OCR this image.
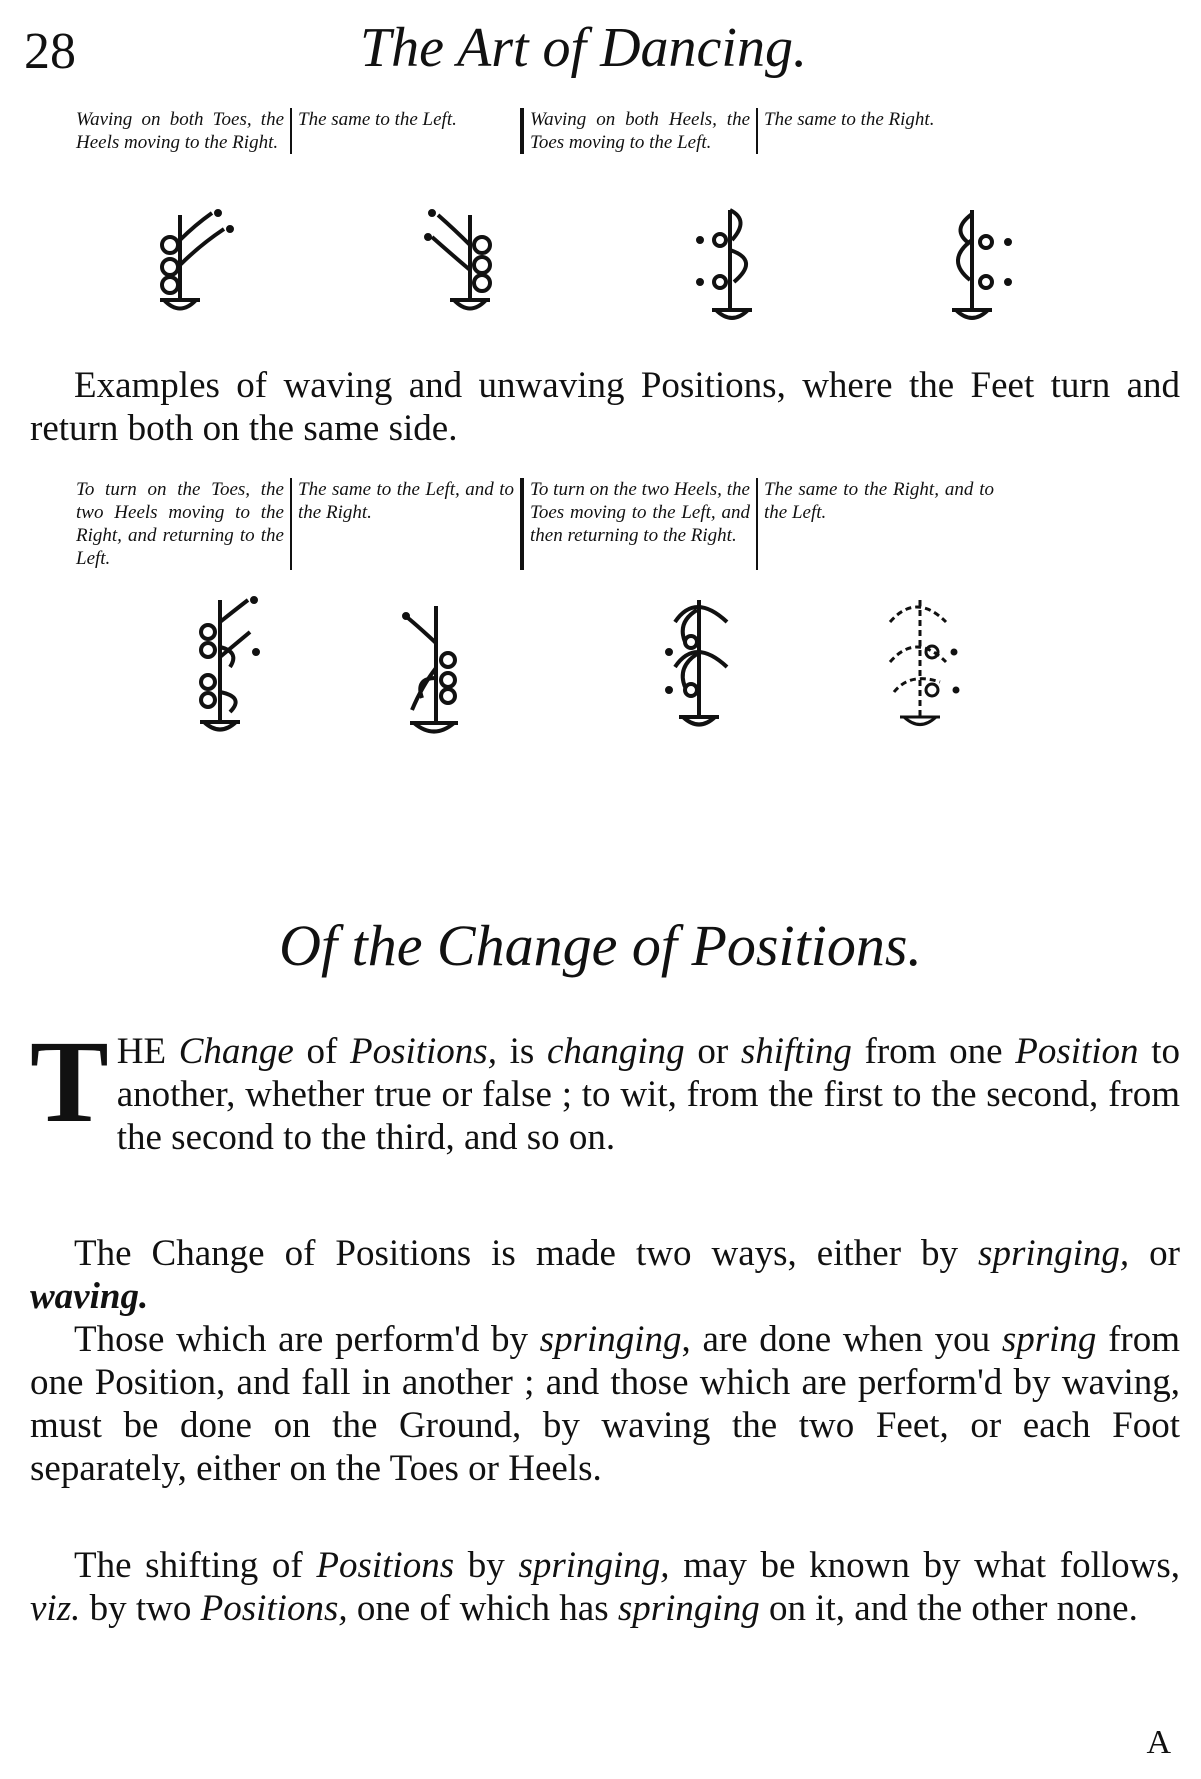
28	The Art of Dancing.
Waving on both Toes, the Heels moving to the Right.
The same to the Left.	Waving on both Heels, the Toes moving to the Left.
The same to the Right.

Examples of waving and unwaving Positions, where the Feet turn and return both on the same side.

To turn on the Toes, the two Heels moving to the Right, and returning to the Left.
The same to the Left, and to the Right.
To turn on the two Heels, the Toes moving to the Left, and then returning to the Right.
The same to the Right, and to the Left.
Of the Change of Positions.

THE Change of Positions, is changing or shifting from one Position to another, whether true or false ; to wit, from the first to the second, from the second to the third, and so on.

The Change of Positions is made two ways, either by springing, or waving.

Those which are perform'd by springing, are done when you spring from one Position, and fall in another ; and those which are perform'd by waving, must be done on the Ground, by waving the two Feet, or each Foot separately, either on the Toes or Heels.

The shifting of Positions by springing, may be known by what follows, viz. by two Positions, one of which has springing on it, and the other none.

A
